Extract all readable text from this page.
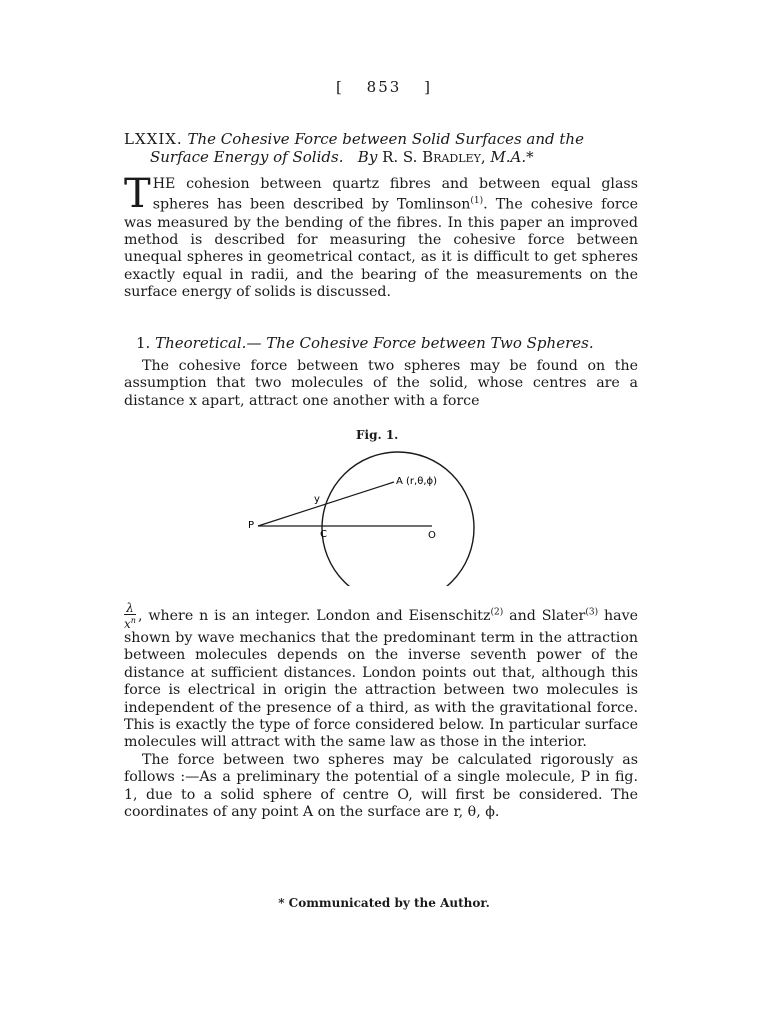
[ 853 ]
LXXIX. The Cohesive Force between Solid Surfaces and the
Surface Energy of Solids. By R. S. Bradley, M.A.*
THE cohesion between quartz fibres and between equal glass spheres has been described by Tomlinson$^{(1)}$. The cohesive force was measured by the bending of the fibres. In this paper an improved method is described for measuring the cohesive force between unequal spheres in geometrical contact, as it is difficult to get spheres exactly equal in radii, and the bearing of the measurements on the surface energy of solids is discussed.
1. Theoretical.— The Cohesive Force between Two Spheres.
The cohesive force between two spheres may be found on the assumption that two molecules of the solid, whose centres are a distance x apart, attract one another with a force
Fig. 1.
A (r,θ,ϕ)
P
O
y
C
$\frac{\lambda}{x^n}$ , where n is an integer. London and Eisenschitz$^{(2)}$ and Slater$^{(3)}$ have shown by wave mechanics that the predominant term in the attraction between molecules depends on the inverse seventh power of the distance at sufficient distances. London points out that, although this force is electrical in origin the attraction between two molecules is independent of the presence of a third, as with the gravitational force. This is exactly the type of force considered below. In particular surface molecules will attract with the same law as those in the interior.
The force between two spheres may be calculated rigorously as follows :—As a preliminary the potential of a single molecule, P in fig. 1, due to a solid sphere of centre O, will first be considered. The coordinates of any point A on the surface are r, θ, ϕ.
* Communicated by the Author.
